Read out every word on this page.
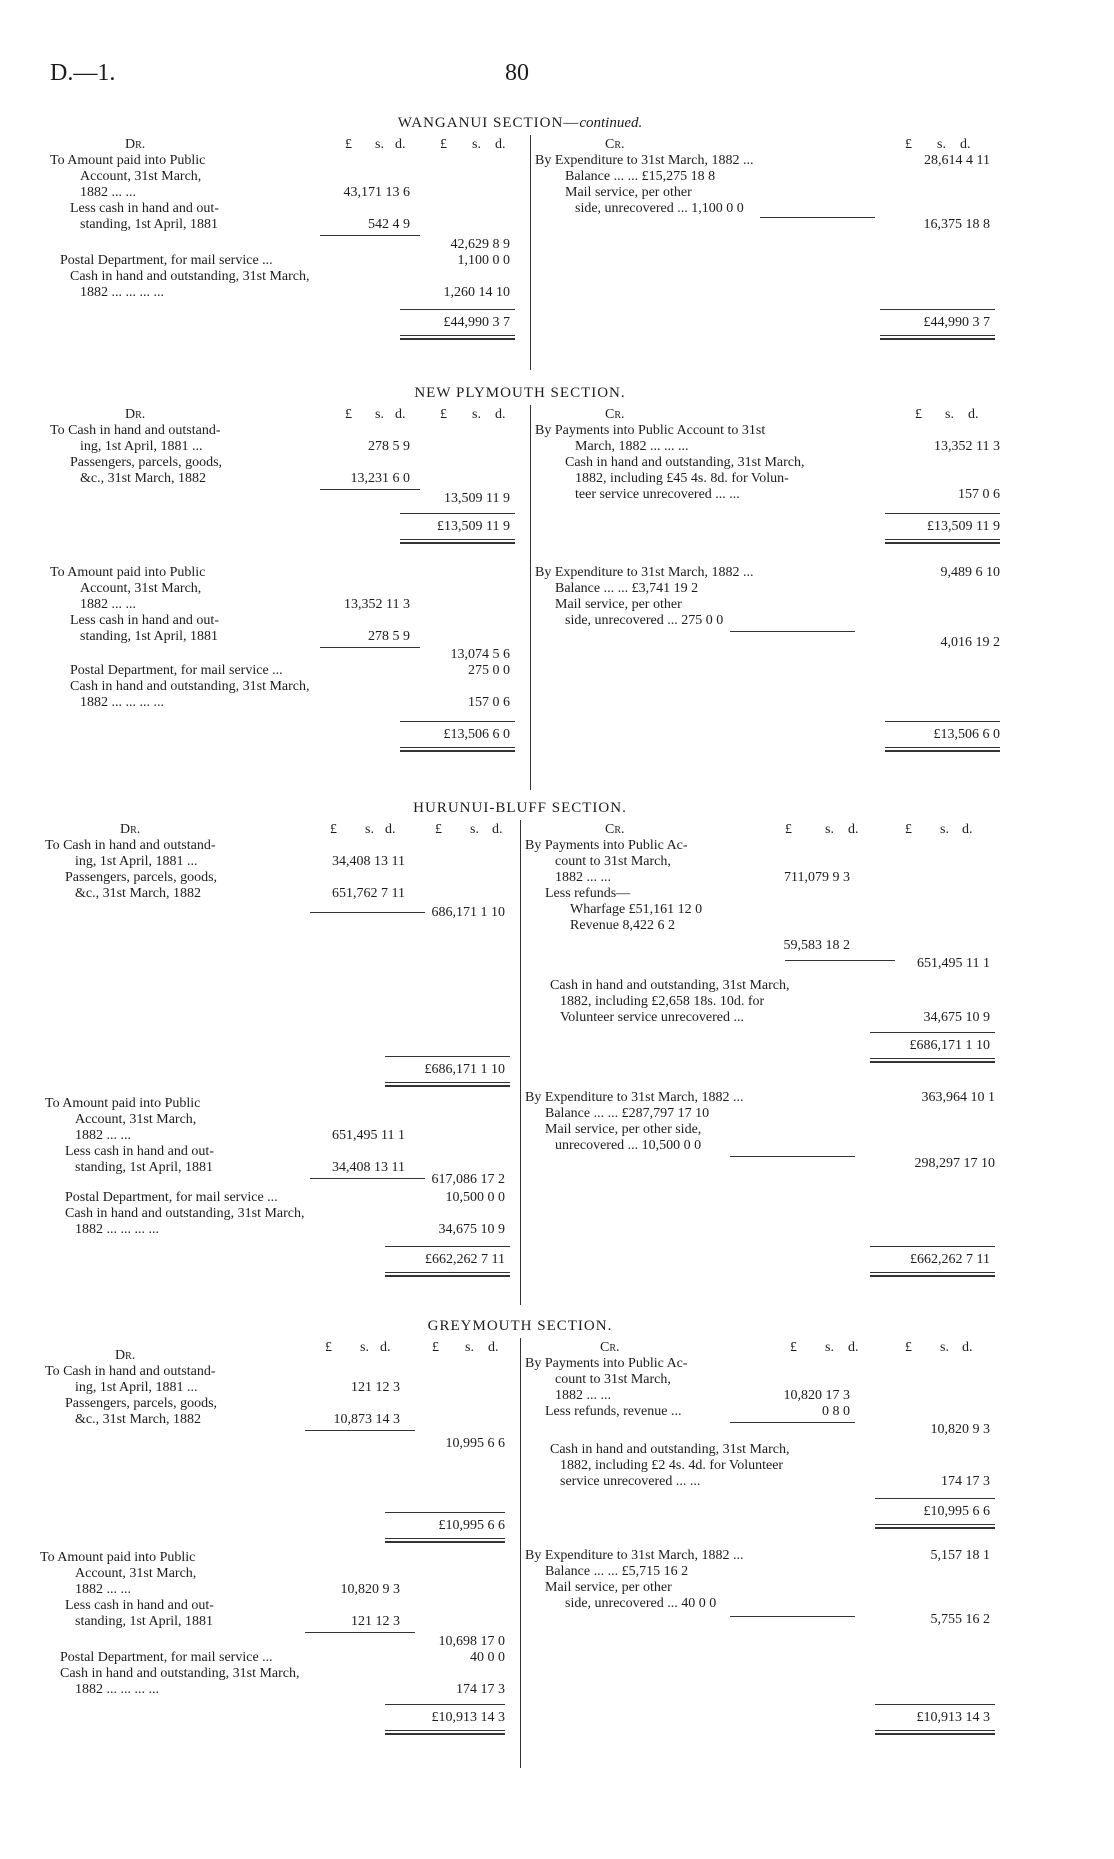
D.—1.	80
WANGANUI SECTION—continued.
Dr.	£ s. d. £ s. d.	Cr.	£ s. d.
To Amount paid into Public
Account, 31st March,
1882 ... ...	43,171 13 6
Less cash in hand and out-
standing, 1st April, 1881	542 4 9
42,629 8 9
Postal Department, for mail service ...	1,100 0 0
Cash in hand and outstanding, 31st March,
1882 ... ... ... ...	1,260 14 10
£44,990 3 7
By Expenditure to 31st March, 1882 ...	28,614 4 11
Balance ... ... £15,275 18 8
Mail service, per other
side, unrecovered ... 1,100 0 0
16,375 18 8
£44,990 3 7
NEW PLYMOUTH SECTION.
Dr.	£ s. d. £ s. d.	Cr.	£ s. d.
To Cash in hand and outstand-
ing, 1st April, 1881 ...	278 5 9
Passengers, parcels, goods,
&c., 31st March, 1882	13,231 6 0
13,509 11 9
£13,509 11 9
By Payments into Public Account to 31st
March, 1882 ... ... ...	13,352 11 3
Cash in hand and outstanding, 31st March,
1882, including £45 4s. 8d. for Volun-
teer service unrecovered ... ...	157 0 6
£13,509 11 9
To Amount paid into Public
Account, 31st March,
1882 ... ...	13,352 11 3
Less cash in hand and out-
standing, 1st April, 1881	278 5 9
13,074 5 6
Postal Department, for mail service ...	275 0 0
Cash in hand and outstanding, 31st March,
1882 ... ... ... ...	157 0 6
£13,506 6 0
By Expenditure to 31st March, 1882 ...	9,489 6 10
Balance ... ... £3,741 19 2
Mail service, per other
side, unrecovered ... 275 0 0
4,016 19 2
£13,506 6 0
HURUNUI-BLUFF SECTION.
Dr.	£ s. d.	£ s. d.	Cr.	£ s. d.	£ s. d.
To Cash in hand and outstand-
ing, 1st April, 1881 ...	34,408 13 11
Passengers, parcels, goods,
&c., 31st March, 1882	651,762 7 11
686,171 1 10
£686,171 1 10
By Payments into Public Ac-
count to 31st March,
1882 ... ...	711,079 9 3
Less refunds—
Wharfage £51,161 12 0
Revenue 8,422 6 2
59,583 18 2
651,495 11 1
Cash in hand and outstanding, 31st March,
1882, including £2,658 18s. 10d. for
Volunteer service unrecovered ...	34,675 10 9
£686,171 1 10
To Amount paid into Public
Account, 31st March,
1882 ... ...	651,495 11 1
Less cash in hand and out-
standing, 1st April, 1881	34,408 13 11
617,086 17 2
Postal Department, for mail service ...	10,500 0 0
Cash in hand and outstanding, 31st March,
1882 ... ... ... ...	34,675 10 9
£662,262 7 11
By Expenditure to 31st March, 1882 ...	363,964 10 1
Balance ... ... £287,797 17 10
Mail service, per other side,
unrecovered ... 10,500 0 0
298,297 17 10
£662,262 7 11
GREYMOUTH SECTION.
Dr.
£ s. d.	£ s. d.	Cr.	£ s. d.	£ s. d.
To Cash in hand and outstand-
ing, 1st April, 1881 ...	121 12 3
Passengers, parcels, goods,
&c., 31st March, 1882	10,873 14 3
10,995 6 6
£10,995 6 6
By Payments into Public Ac-
count to 31st March,
1882 ... ...	10,820 17 3
Less refunds, revenue ...	0 8 0
10,820 9 3
Cash in hand and outstanding, 31st March,
1882, including £2 4s. 4d. for Volunteer
service unrecovered ... ...	174 17 3
£10,995 6 6
To Amount paid into Public
Account, 31st March,
1882 ... ...	10,820 9 3
Less cash in hand and out-
standing, 1st April, 1881	121 12 3
10,698 17 0
Postal Department, for mail service ...	40 0 0
Cash in hand and outstanding, 31st March,
1882 ... ... ... ...	174 17 3
£10,913 14 3
By Expenditure to 31st March, 1882 ...	5,157 18 1
Balance ... ... £5,715 16 2
Mail service, per other
side, unrecovered ... 40 0 0
5,755 16 2
£10,913 14 3
